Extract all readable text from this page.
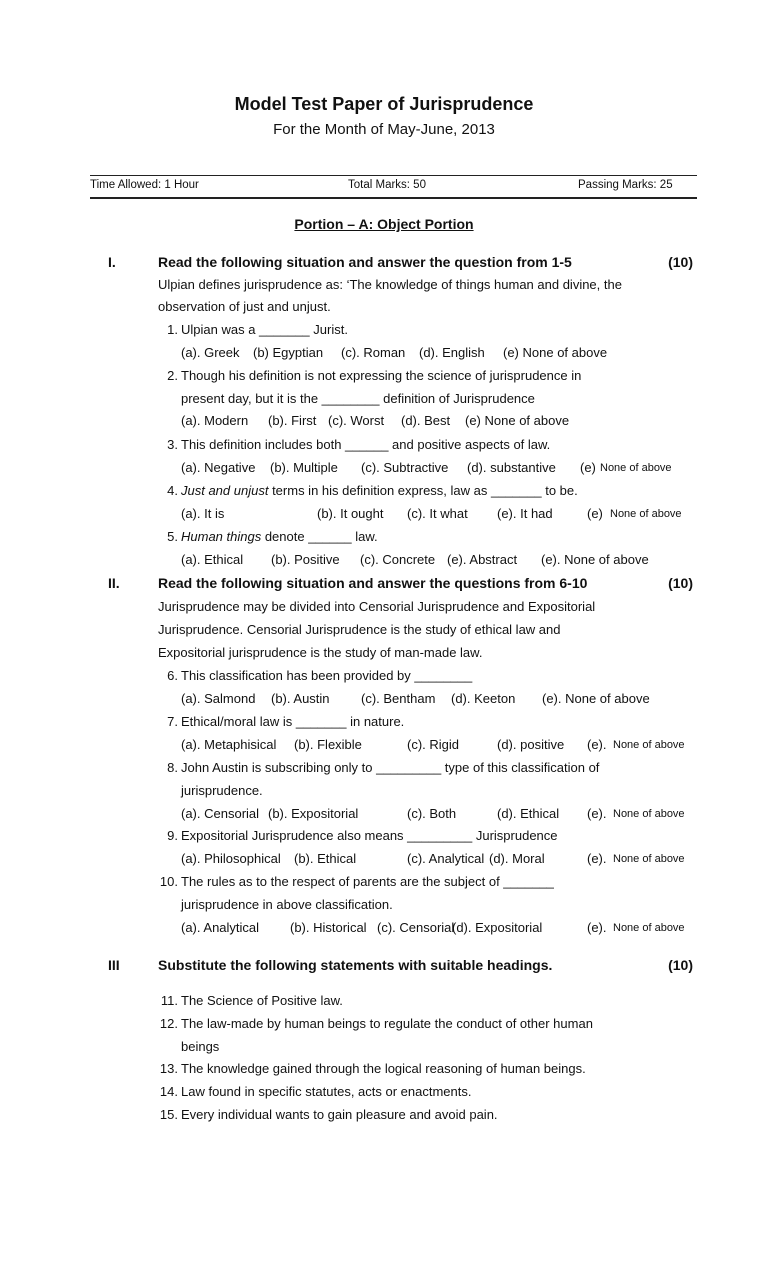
Model Test Paper of Jurisprudence
For the Month of May-June, 2013
Time Allowed: 1 Hour	Total Marks: 50	Passing Marks: 25
Portion – A: Object Portion
I.	Read the following situation and answer the question from 1-5	(10)
Ulpian defines jurisprudence as: ‘The knowledge of things human and divine, the
observation of just and unjust.
1. Ulpian was a _______ Jurist.
(a). Greek (b) Egyptian (c). Roman (d). English (e) None of above
2. Though his definition is not expressing the science of jurisprudence in
present day, but it is the ________ definition of Jurisprudence
(a). Modern (b). First (c). Worst (d). Best (e) None of above
3. This definition includes both ______ and positive aspects of law.
(a). Negative (b). Multiple (c). Subtractive (d). substantive (e) None of above
4. Just and unjust terms in his definition express, law as _______ to be.
(a). It is	(b). It ought (c). It what (e). It had	(e) None of above
5. Human things denote ______ law.
(a). Ethical (b). Positive (c). Concrete (e). Abstract (e). None of above
II.	Read the following situation and answer the questions from 6-10	(10)
Jurisprudence may be divided into Censorial Jurisprudence and Expositorial
Jurisprudence. Censorial Jurisprudence is the study of ethical law and
Expositorial jurisprudence is the study of man-made law.
6. This classification has been provided by ________
(a). Salmond (b). Austin (c). Bentham (d). Keeton (e). None of above
7. Ethical/moral law is _______ in nature.
(a). Metaphisical (b). Flexible	(c). Rigid	(d). positive (e). None of above
8. John Austin is subscribing only to _________ type of this classification of
jurisprudence.
(a). Censorial (b). Expositorial	(c). Both	(d). Ethical (e). None of above
9. Expositorial Jurisprudence also means _________ Jurisprudence
(a). Philosophical (b). Ethical	(c). Analytical (d). Moral	(e). None of above
10. The rules as to the respect of parents are the subject of _______
jurisprudence in above classification.
(a). Analytical (b). Historical (c). Censorial
(d). Expositorial	(e). None of above
III	Substitute the following statements with suitable headings.	(10)
11. The Science of Positive law.
12. The law-made by human beings to regulate the conduct of other human
beings
13. The knowledge gained through the logical reasoning of human beings.
14. Law found in specific statutes, acts or enactments.
15. Every individual wants to gain pleasure and avoid pain.
